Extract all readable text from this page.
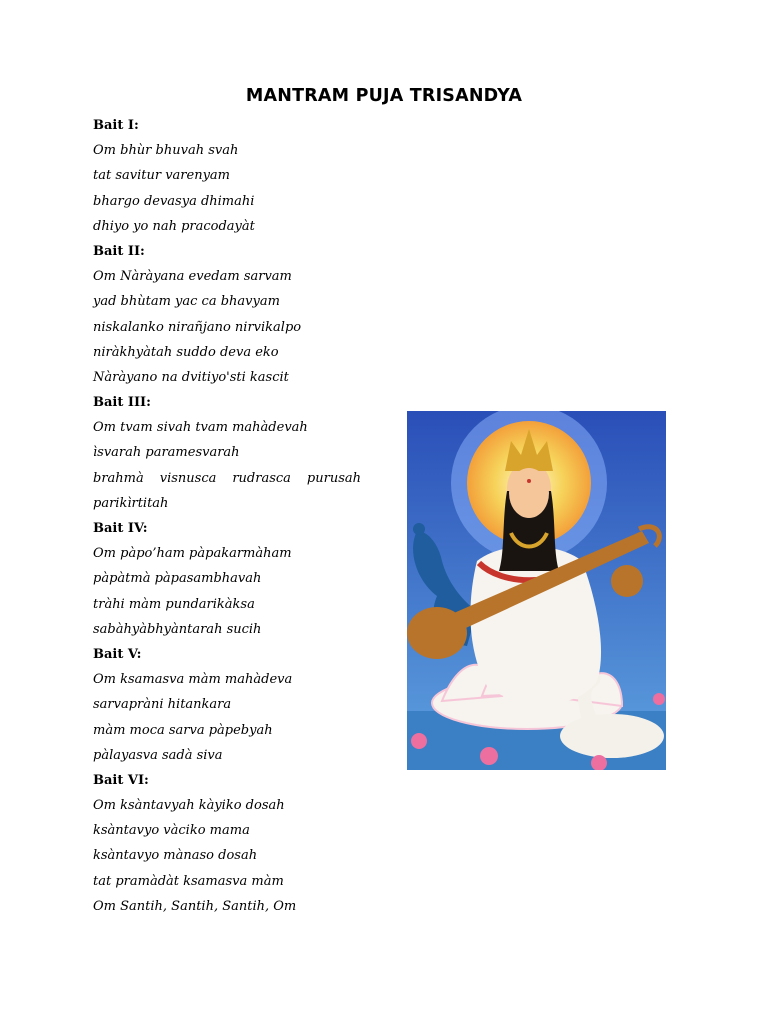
MANTRAM PUJA TRISANDYA
Bait I:
Om bhùr bhuvah svah
tat savitur varenyam
bhargo devasya dhimahi
dhiyo yo nah pracodayàt
Bait II:
Om Nàràyana evedam sarvam
yad bhùtam yac ca bhavyam
niskalanko nirañjano nirvikalpo
niràkhyàtah suddo deva eko
Nàràyano na dvitiyo'sti kascit
Bait III:
Om tvam sivah tvam mahàdevah
ìsvarah paramesvarah
brahmà visnusca rudrasca purusah
parikìrtitah
Bait IV:
Om pàpo’ham pàpakarmàham
pàpàtmà pàpasambhavah
tràhi màm pundarikàksa
sabàhyàbhyàntarah sucih
Bait V:
Om ksamasva màm mahàdeva
sarvapràni hitankara
màm moca sarva pàpebyah
pàlayasva sadà siva
Bait VI:
Om ksàntavyah kàyiko dosah
ksàntavyo vàciko mama
ksàntavyo mànaso dosah
tat pramàdàt ksamasva màm
Om Santih, Santih, Santih, Om
